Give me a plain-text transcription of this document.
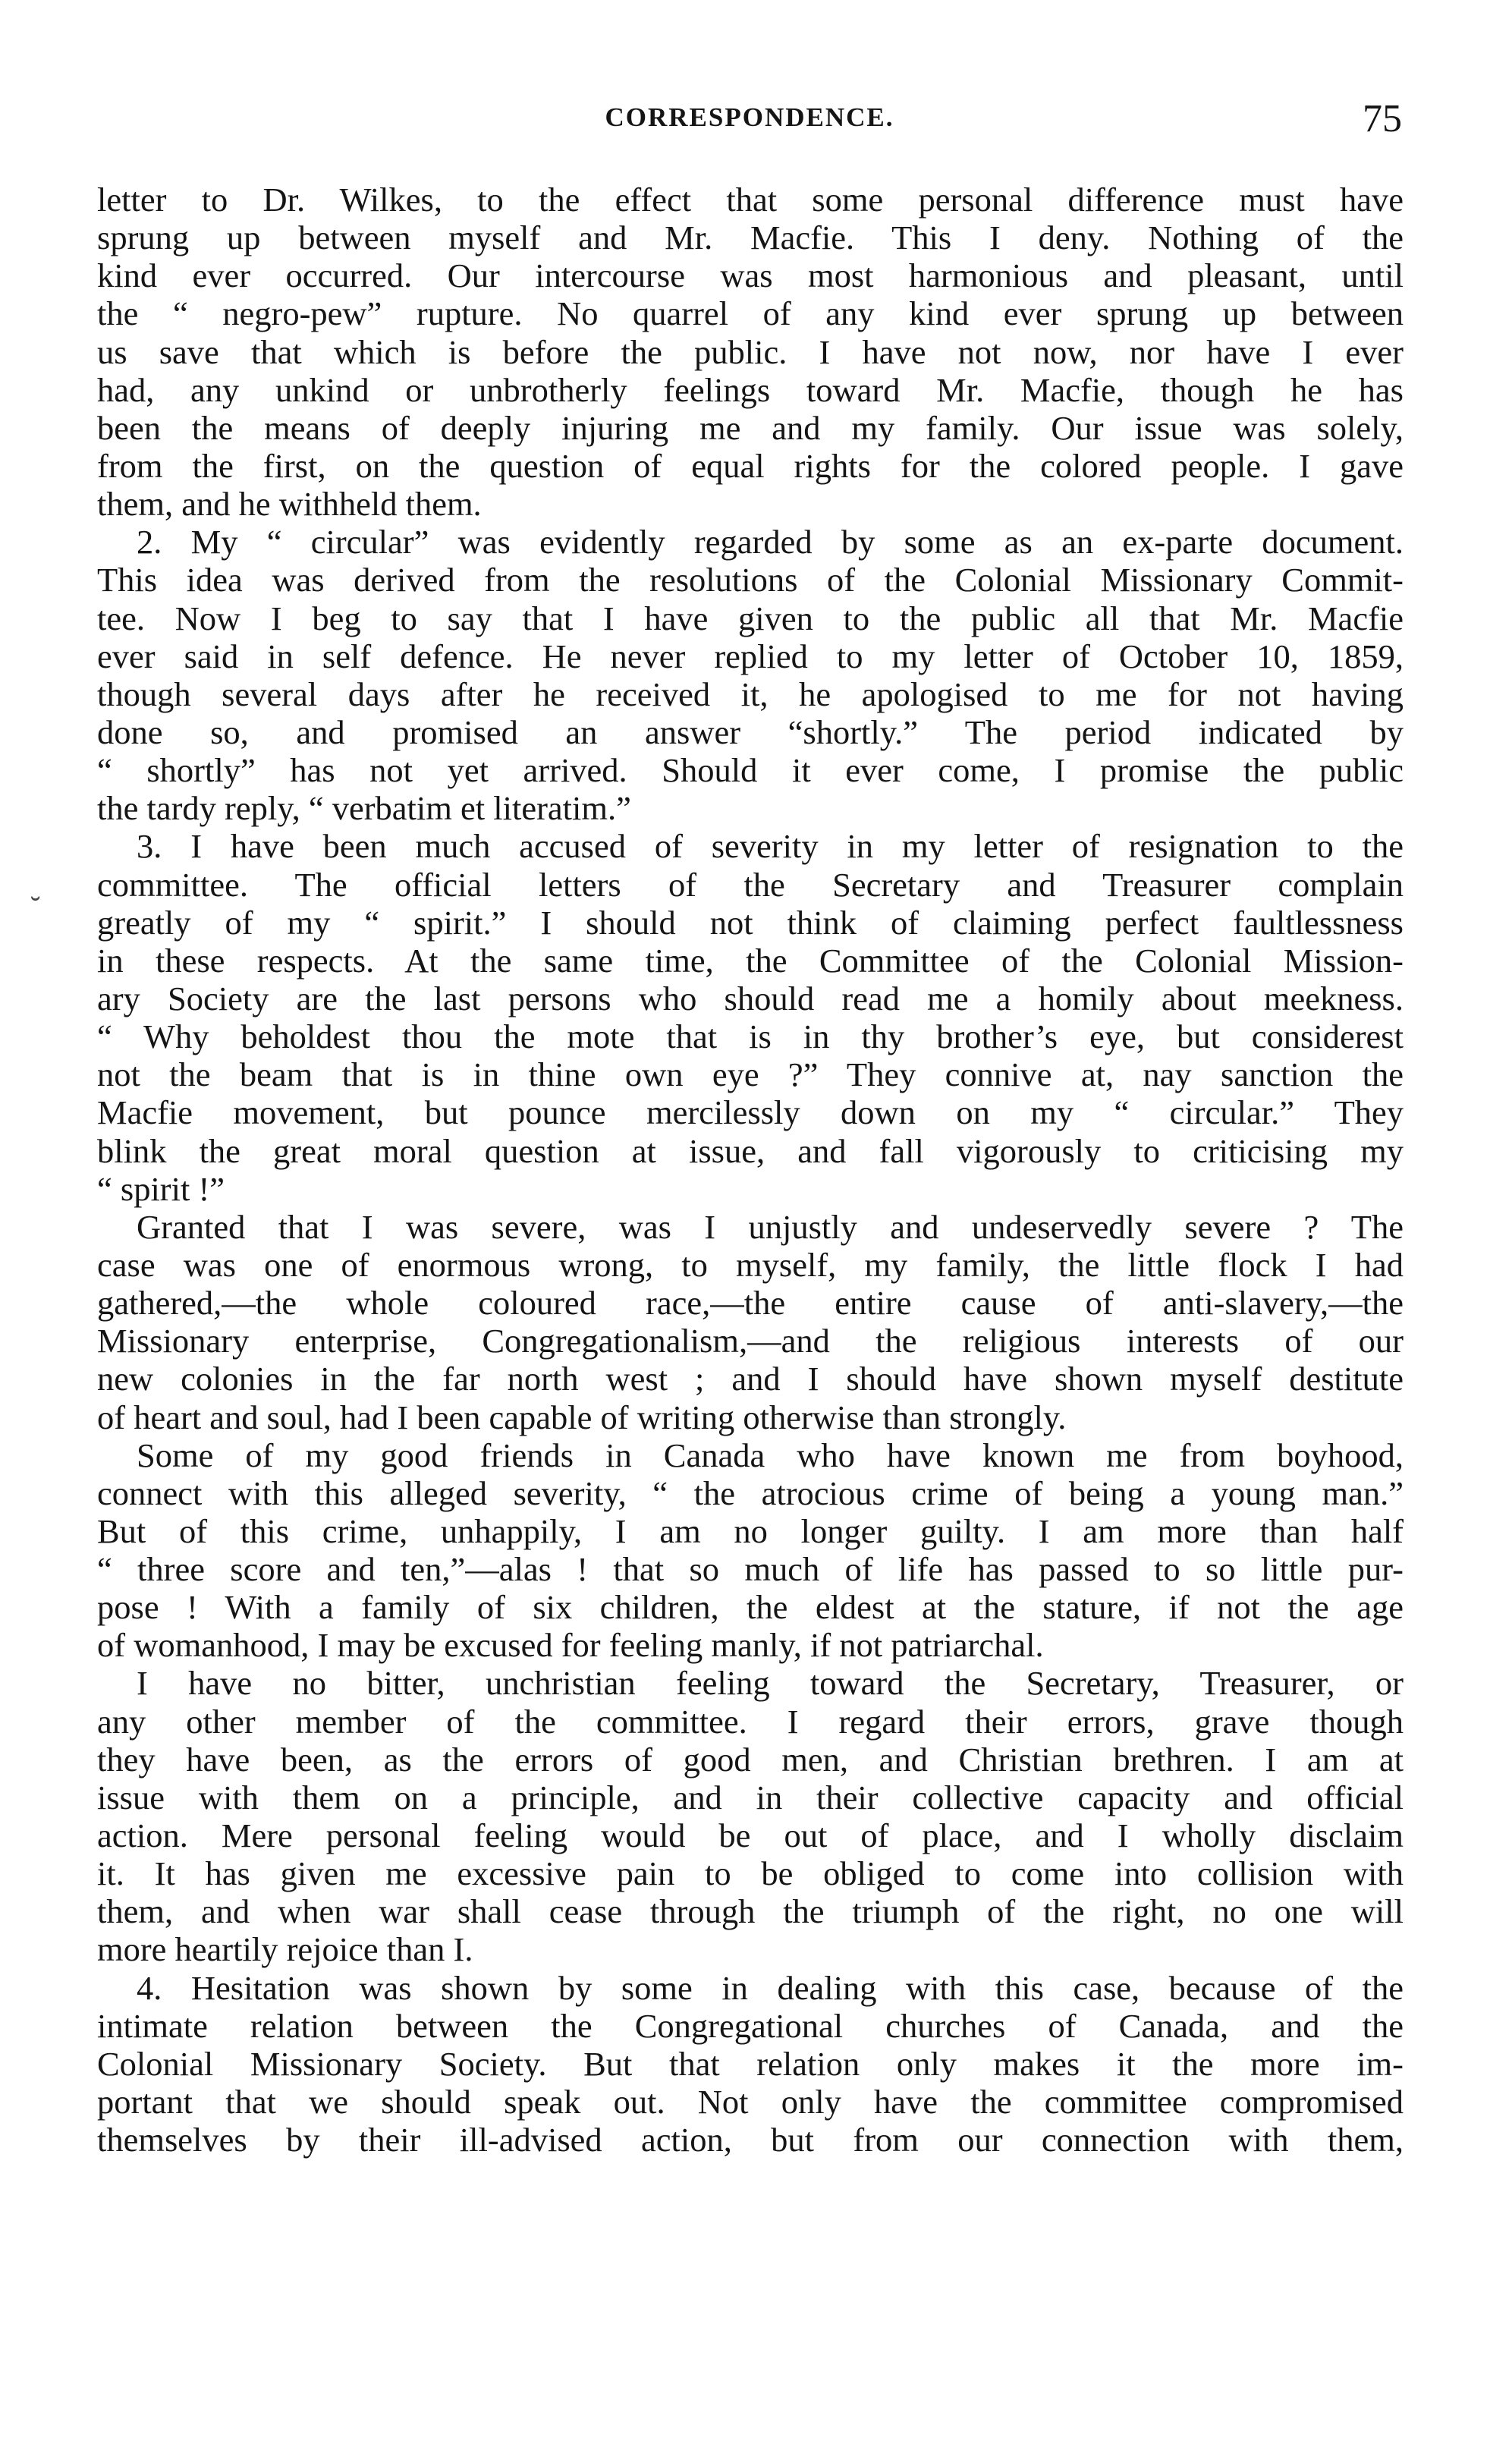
CORRESPONDENCE.	75
˘
letter to Dr. Wilkes, to the effect that some personal difference must have
sprung up between myself and Mr. Macfie. This I deny. Nothing of the
kind ever occurred. Our intercourse was most harmonious and pleasant, until
the “ negro-pew” rupture. No quarrel of any kind ever sprung up between
us save that which is before the public. I have not now, nor have I ever
had, any unkind or unbrotherly feelings toward Mr. Macfie, though he has
been the means of deeply injuring me and my family. Our issue was solely,
from the first, on the question of equal rights for the colored people. I gave
them, and he withheld them.
2. My “ circular” was evidently regarded by some as an ex-parte document.
This idea was derived from the resolutions of the Colonial Missionary Commit-
tee. Now I beg to say that I have given to the public all that Mr. Macfie
ever said in self defence. He never replied to my letter of October 10, 1859,
though several days after he received it, he apologised to me for not having
done so, and promised an answer “shortly.” The period indicated by
“ shortly” has not yet arrived. Should it ever come, I promise the public
the tardy reply, “ verbatim et literatim.”
3. I have been much accused of severity in my letter of resignation to the
committee. The official letters of the Secretary and Treasurer complain
greatly of my “ spirit.” I should not think of claiming perfect faultlessness
in these respects. At the same time, the Committee of the Colonial Mission-
ary Society are the last persons who should read me a homily about meekness.
“ Why beholdest thou the mote that is in thy brother’s eye, but considerest
not the beam that is in thine own eye ?” They connive at, nay sanction the
Macfie movement, but pounce mercilessly down on my “ circular.” They
blink the great moral question at issue, and fall vigorously to criticising my
“ spirit !”
Granted that I was severe, was I unjustly and undeservedly severe ? The
case was one of enormous wrong, to myself, my family, the little flock I had
gathered,—the whole coloured race,—the entire cause of anti-slavery,—the
Missionary enterprise, Congregationalism,—and the religious interests of our
new colonies in the far north west ; and I should have shown myself destitute
of heart and soul, had I been capable of writing otherwise than strongly.
Some of my good friends in Canada who have known me from boyhood,
connect with this alleged severity, “ the atrocious crime of being a young man.”
But of this crime, unhappily, I am no longer guilty. I am more than half
“ three score and ten,”—alas ! that so much of life has passed to so little pur-
pose ! With a family of six children, the eldest at the stature, if not the age
of womanhood, I may be excused for feeling manly, if not patriarchal.
I have no bitter, unchristian feeling toward the Secretary, Treasurer, or
any other member of the committee. I regard their errors, grave though
they have been, as the errors of good men, and Christian brethren. I am at
issue with them on a principle, and in their collective capacity and official
action. Mere personal feeling would be out of place, and I wholly disclaim
it. It has given me excessive pain to be obliged to come into collision with
them, and when war shall cease through the triumph of the right, no one will
more heartily rejoice than I.
4. Hesitation was shown by some in dealing with this case, because of the
intimate relation between the Congregational churches of Canada, and the
Colonial Missionary Society. But that relation only makes it the more im-
portant that we should speak out. Not only have the committee compromised
themselves by their ill-advised action, but from our connection with them,
